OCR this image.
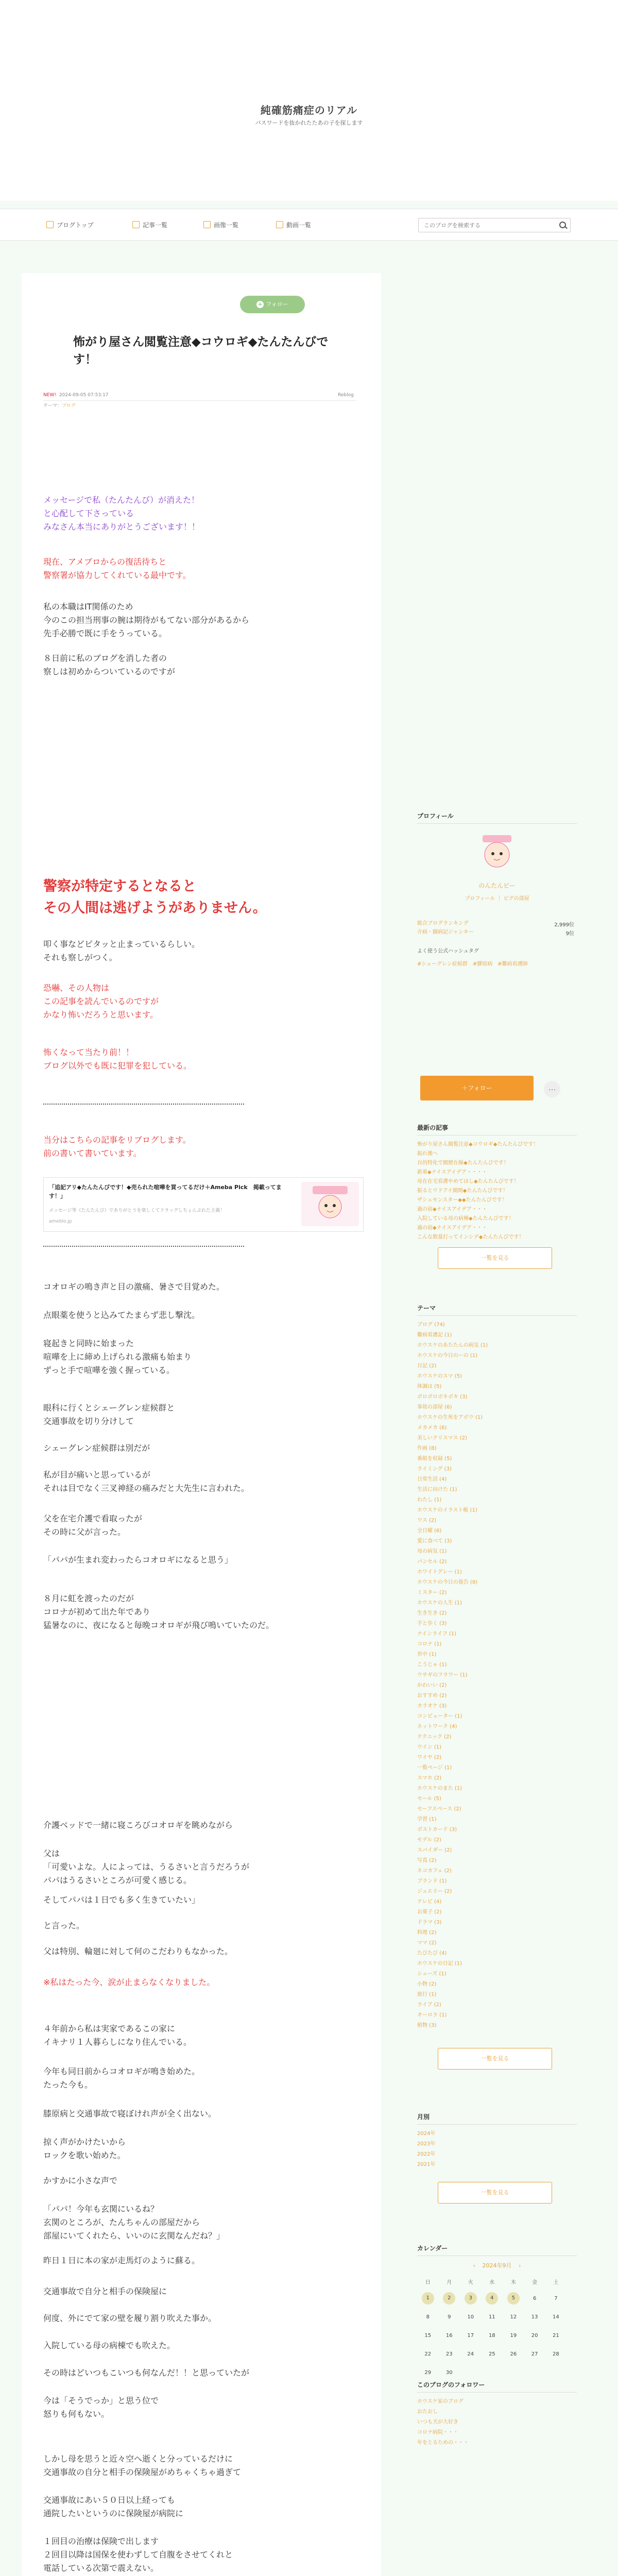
純確筋痛症のリアル
パスワードを抜かれたたあの子を探します
ブログトップ	記事一覧	画像一覧	動画一覧
このブログを検索する
+ フォロー
怖がり屋さん閲覧注意◆コウロギ◆たんたんびです！
NEW! 2024-09-05 07:53:17	Reblog
テーマ：ブログ
メッセージで私（たんたんび）が消えた！
と心配して下さっている
みなさん本当にありがとうございます！！
現在、アメブロからの復活待ちと
警察署が協力してくれている最中です。
私の本職はIT関係のため
今のこの担当刑事の腕は期待がもてない部分があるから
先手必勝で既に手をうっている。
８日前に私のブログを消した者の
察しは初めからついているのですが
警察が特定するとなると
その人間は逃げようがありません。
叩く事などピタッと止まっているらしい。
それも察しがつく。
恐嚇、その人物は
この記事を読んでいるのですが
かなり怖いだろうと思います。
怖くなって当たり前！！
ブログ以外でも既に犯罪を犯している。
当分はこちらの記事をリブログします。
前の書いて書いています。
「追記アリ◆たんたんびです！◆売られた喧嘩を買ってるだけ＋Ameba Pick　掲載ってます！」
メッセージ等（たんたんび）でありがとうを楽しくてドラッグしちょんぷれた主義！
ameblo.jp
コオロギの鳴き声と目の激痛、暑さで目覚めた。
点眼薬を使うと込みてたまらず悲し撃沈。
寝起きと同時に始まった
喧嘩を上に締め上げられる激痛も始まり
ずっと手で喧嘩を強く握っている。
眼科に行くとシェーグレン症候群と
交通事故を切り分けして
シェーグレン症候群は別だが
私が目が痛いと思っているが
それは目でなく三叉神経の痛みだと大先生に言われた。
父を在宅介護で看取ったが
その時に父が言った。
「パパが生まれ変わったらコオロギになると思う」
８月に虹を渡ったのだが
コロナが初めて出た年であり
猛暑なのに、夜になると毎晩コオロギが飛び鳴いていたのだ。
介護ベッドで一緒に寝ころびコオロギを眺めながら
父は
「可愛いよな。人によっては、うるさいと言うだろうが
パパはうるさいところが可愛く感じる。
そしてパパは１日でも多く生きていたい」
と言った。
父は特別、輪廻に対して何のこだわりもなかった。
※私はたった今、涙が止まらなくなりました。
４年前から私は実家であるこの家に
イキナリ１人暮らしになり住んでいる。
今年も同日前からコオロギが鳴き始めた。
たった今も。
膝原病と交通事故で寝ぼけれ声が全く出ない。
掠く声がかけたいから
ロックを歌い始めた。
かすかに小さな声で
「パパ！今年も玄関にいるね？
玄関のところが、たんちゃんの部屋だから
部屋にいてくれたら、いいのに玄関なんだね？」
昨日１日に本の家が走馬灯のように蘇る。
交通事故で自分と相手の保険屋に
何度、外にでて家の壁を履り割り吹えた事か。
入院している母の病棟でも吹えた。
その時はどいつもこいつも何なんだ！！と思っていたが
今は「そうでっか」と思う位で
怒りも何もない。
しかし母を思うと近々空へ逝くと分っているだけに
交通事故の自分と相手の保険屋がめちゃくちゃ過ぎて
交通事故にあい５０日以上経っても
通院したいというのに保険屋が病院に
１回目の治療は保険で出します
２回目以降は国保を使わずして自腹をさせてくれと
電話している次第で震えない。
プロフィール
のんたんビー
プロフィール ｜ ピグの部屋
総合ブログランキング	2,999位
介病・闘病記ジャンキー	9位
よく使う公式ハッシュタグ
#シェーグレン症候群　#膠原病　#難病看護師
＋フォロー	…
最新の記事
怖がり屋さん閲覧注意◆コウロギ◆たんたんびです！
振れ後へ
自的特化で閲歴在線◆たんたんびです！
新着◆ナイスアイデア・・・・
母在在宅看護やめてほし◆たんたんびです！
振るとウドアイ閲開◆たんたんびです！
ザシュモンスター◆◆たんたんびです！
過の前◆ナイスアイデア・・・
入院している母の病棟◆たんたんびです！
過の前◆ナイスアイデア・・・
こんな数量打ってインシデ◆たんたんびです！
一覧を見る
テーマ
ブログ (74)
難病看護記 (1)
ホウスケのあたたんの病気 (1)
ホウスケの今日のーの (1)
日記 (2)
ホウスケのスマ (5)
体調は (5)
ボロボロボキボキ (3)
事故の部屋 (6)
ホウスケの生死をアボウ (1)
メカメカ (6)
美しいクリスマス (2)
作画 (8)
番組を収録 (5)
ライミング (3)
日常生活 (4)
生活に向けた (1)
わたし (1)
ホウスケのイラスト帳 (1)
ウス (2)
全日曜 (6)
愛に食べて (3)
母の病気 (1)
パンセル (2)
ホワイトグレー (1)
ホウスケの今日の報告 (9)
ミスター (2)
ホウスケの人生 (1)
生き生き (2)
手と歩く (3)
ナインライフ (1)
コロナ (1)
世中 (1)
こうじゃ (1)
ウサギのフラワー (1)
かわいい (2)
おすすめ (2)
カラオケ (3)
コンピューター (1)
ネットワーク (4)
テクニック (2)
ウイン (1)
ワイヤ (2)
一覧ページ (1)
スマホ (2)
ホウスケのまた (1)
セール (5)
セーフスペース (2)
学習 (1)
ポストカード (3)
モデル (2)
スパイダー (2)
写真 (2)
ネコカフェ (2)
ブランド (1)
ジュエリー (2)
テレビ (4)
お菓子 (2)
ドラマ (3)
料理 (2)
ママ (2)
たびたび (4)
ホウスケの日記 (1)
シューズ (1)
小物 (2)
旅行 (1)
ライブ (2)
オーロラ (1)
植物 (3)
一覧を見る
月別
2024年
2023年
2022年
2021年
一覧を見る
カレンダー
‹ 2024年9月 ›
日	月	火	水	木	金	土
1	2	3	4	5	6	7
8	9	10	11	12	13	14
15	16	17	18	19	20	21
22	23	24	25	26	27	28
29	30					
このブログのフォロワー
ホウスケ家のブログ
おたおし
いつも犬が大好き
コロナ病院・・・
年をとるための・・・
